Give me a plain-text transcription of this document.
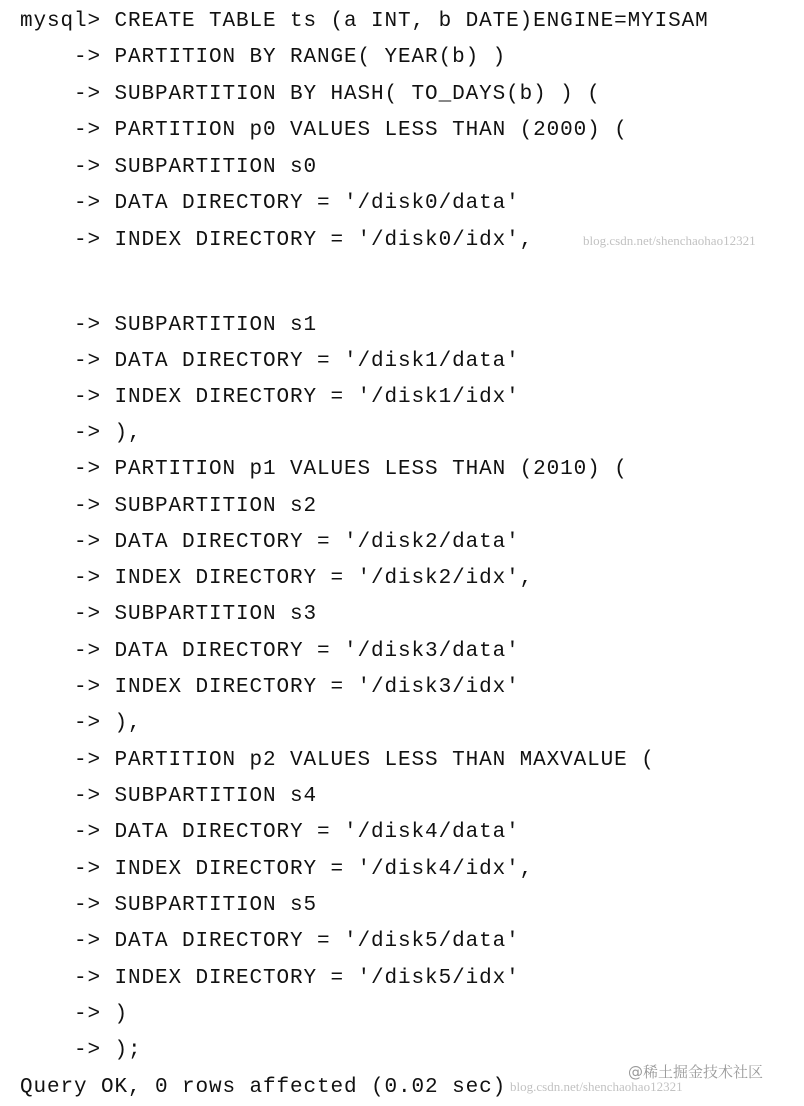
mysql> CREATE TABLE ts (a INT, b DATE)ENGINE=MYISAM
-> PARTITION BY RANGE( YEAR(b) )
-> SUBPARTITION BY HASH( TO_DAYS(b) ) (
-> PARTITION p0 VALUES LESS THAN (2000) (
-> SUBPARTITION s0
-> DATA DIRECTORY = '/disk0/data'
-> INDEX DIRECTORY = '/disk0/idx',
-> SUBPARTITION s1
-> DATA DIRECTORY = '/disk1/data'
-> INDEX DIRECTORY = '/disk1/idx'
-> ),
-> PARTITION p1 VALUES LESS THAN (2010) (
-> SUBPARTITION s2
-> DATA DIRECTORY = '/disk2/data'
-> INDEX DIRECTORY = '/disk2/idx',
-> SUBPARTITION s3
-> DATA DIRECTORY = '/disk3/data'
-> INDEX DIRECTORY = '/disk3/idx'
-> ),
-> PARTITION p2 VALUES LESS THAN MAXVALUE (
-> SUBPARTITION s4
-> DATA DIRECTORY = '/disk4/data'
-> INDEX DIRECTORY = '/disk4/idx',
-> SUBPARTITION s5
-> DATA DIRECTORY = '/disk5/data'
-> INDEX DIRECTORY = '/disk5/idx'
-> )
-> );
Query OK, 0 rows affected (0.02 sec)
blog.csdn.net/shenchaohao12321
blog.csdn.net/shenchaohao12321
@稀土掘金技术社区
